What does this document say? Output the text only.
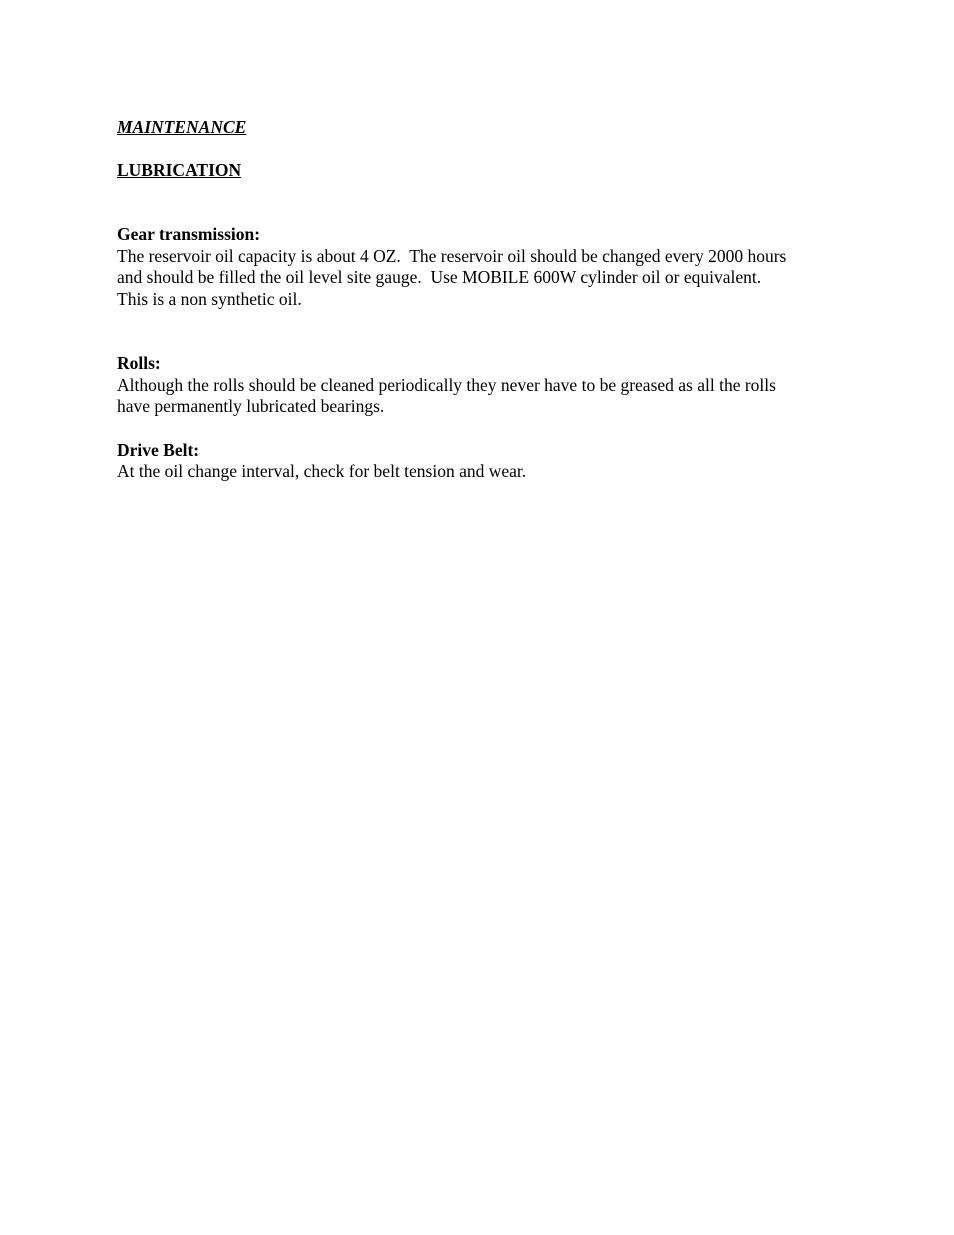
MAINTENANCE
LUBRICATION
Gear transmission:
The reservoir oil capacity is about 4 OZ.  The reservoir oil should be changed every 2000 hours
and should be filled the oil level site gauge.  Use MOBILE 600W cylinder oil or equivalent.
This is a non synthetic oil.
Rolls:
Although the rolls should be cleaned periodically they never have to be greased as all the rolls
have permanently lubricated bearings.
Drive Belt:
At the oil change interval, check for belt tension and wear.
